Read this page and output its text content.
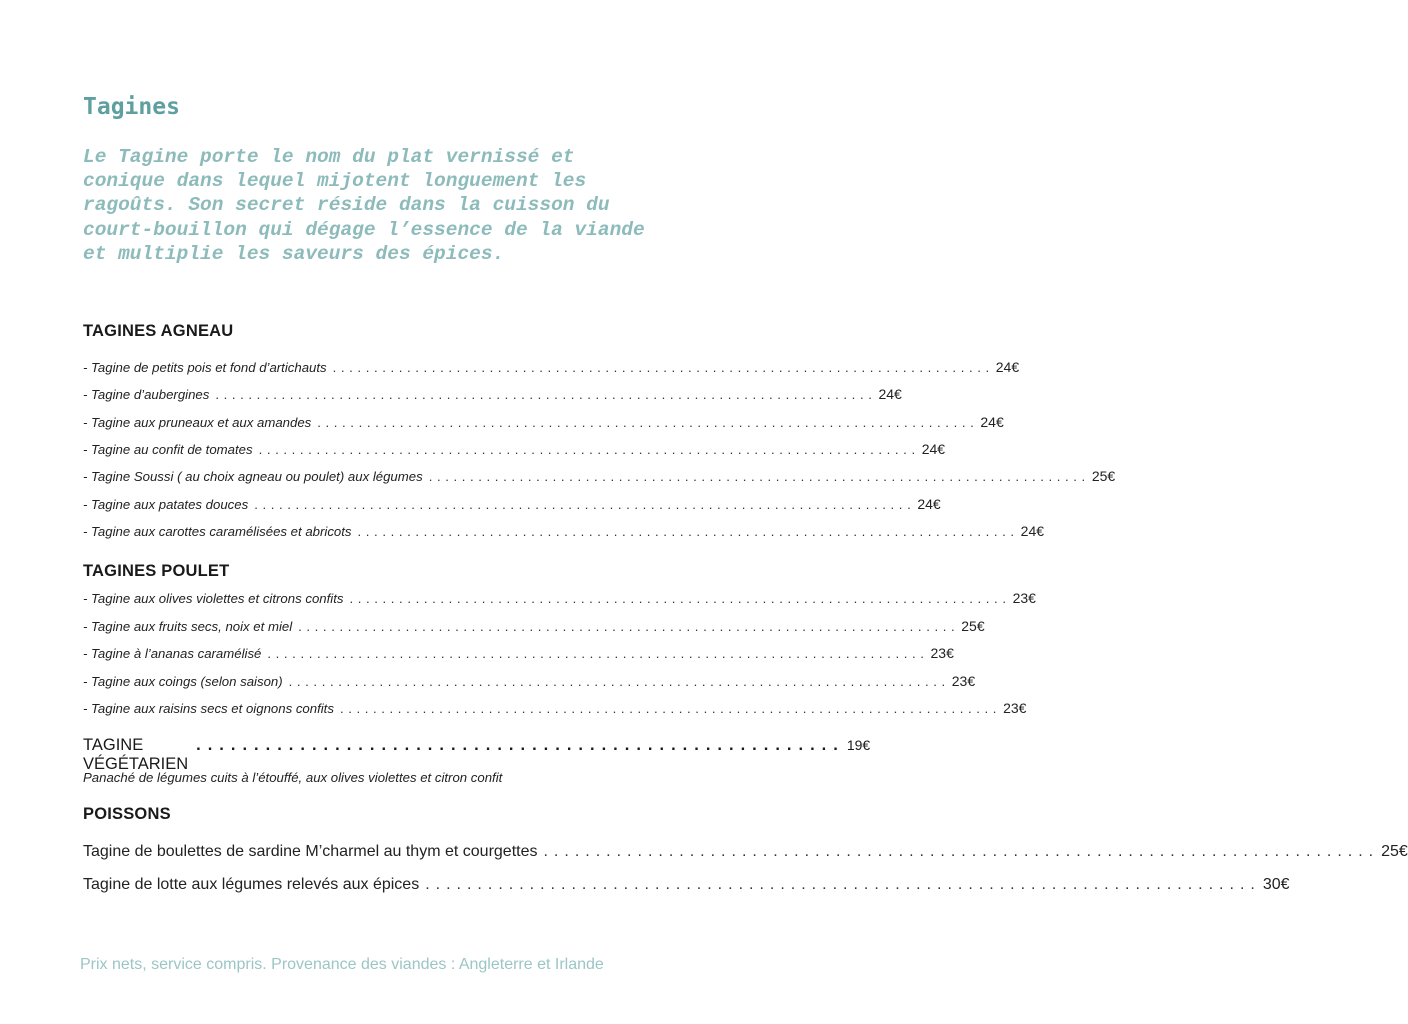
Tagines

Le Tagine porte le nom du plat vernissé et conique dans lequel mijotent longuement les ragoûts. Son secret réside dans la cuisson du court-bouillon qui dégage l’essence de la viande et multiplie les saveurs des épices.

TAGINES AGNEAU
- Tagine de petits pois et fond d’artichauts ................................................................................ 24€
- Tagine d’aubergines ................................................................................ 24€
- Tagine aux pruneaux et aux amandes ................................................................................ 24€
- Tagine au confit de tomates ................................................................................ 24€
- Tagine Soussi ( au choix agneau ou poulet) aux légumes ................................................................................ 25€
- Tagine aux patates douces ................................................................................ 24€
- Tagine aux carottes caramélisées et abricots ................................................................................ 24€
TAGINES POULET
- Tagine aux olives violettes et citrons confits ................................................................................ 23€
- Tagine aux fruits secs, noix et miel ................................................................................ 25€
- Tagine à l’ananas caramélisé ................................................................................ 23€
- Tagine aux coings (selon saison) ................................................................................ 23€
- Tagine aux raisins secs et oignons confits ................................................................................ 23€
TAGINE VÉGÉTARIEN
........................................................ 19€

Panaché de légumes cuits à l’étouffé, aux olives violettes et citron confit

POISSONS
Tagine de boulettes de sardine M’charmel au thym et courgettes ................................................................................ 25€
Tagine de lotte aux légumes relevés aux épices ................................................................................ 30€

Prix nets, service compris. Provenance des viandes : Angleterre et Irlande
